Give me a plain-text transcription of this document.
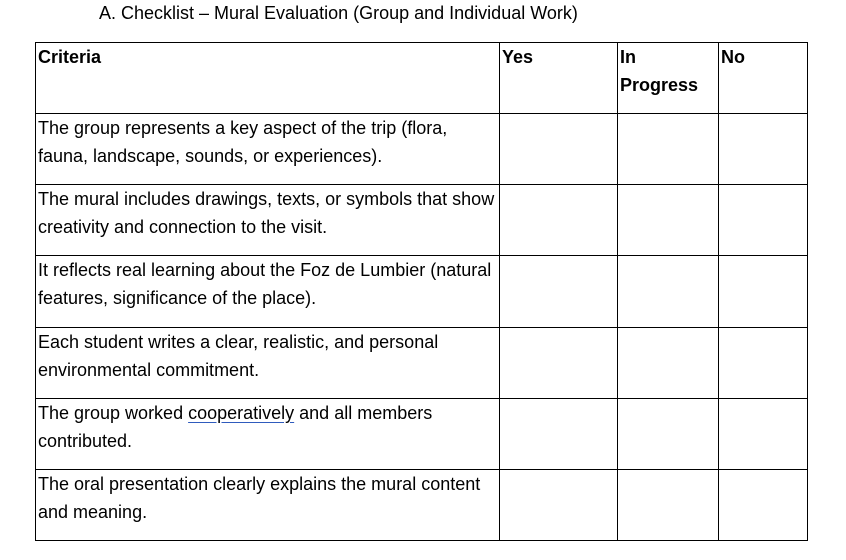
A. Checklist – Mural Evaluation (Group and Individual Work)
Criteria	Yes	In Progress	No
The group represents a key aspect of the trip (flora, fauna, landscape, sounds, or experiences).			
The mural includes drawings, texts, or symbols that show creativity and connection to the visit.			
It reflects real learning about the Foz de Lumbier (natural features, significance of the place).			
Each student writes a clear, realistic, and personal environmental commitment.			
The group worked cooperatively and all members contributed.			
The oral presentation clearly explains the mural content and meaning.			
